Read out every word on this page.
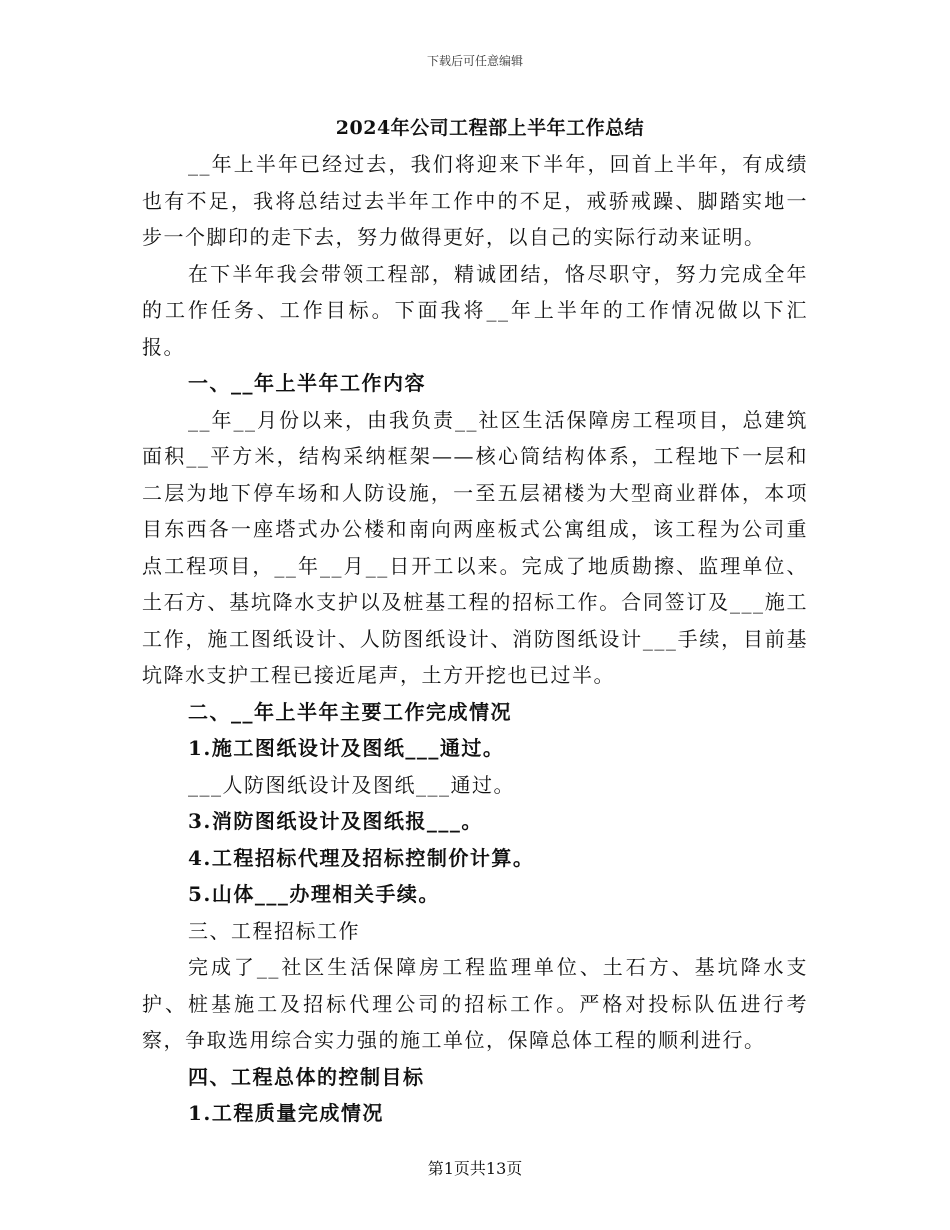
下载后可任意编辑
2024年公司工程部上半年工作总结

__年上半年已经过去，我们将迎来下半年，回首上半年，有成绩也有不足，我将总结过去半年工作中的不足，戒骄戒躁、脚踏实地一步一个脚印的走下去，努力做得更好，以自己的实际行动来证明。

在下半年我会带领工程部，精诚团结，恪尽职守，努力完成全年的工作任务、工作目标。下面我将__年上半年的工作情况做以下汇报。

一、__年上半年工作内容

__年__月份以来，由我负责__社区生活保障房工程项目，总建筑面积__平方米，结构采纳框架——核心筒结构体系，工程地下一层和二层为地下停车场和人防设施，一至五层裙楼为大型商业群体，本项目东西各一座塔式办公楼和南向两座板式公寓组成，该工程为公司重点工程项目，__年__月__日开工以来。完成了地质勘擦、监理单位、土石方、基坑降水支护以及桩基工程的招标工作。合同签订及___施工工作，施工图纸设计、人防图纸设计、消防图纸设计___手续，目前基坑降水支护工程已接近尾声，土方开挖也已过半。

二、__年上半年主要工作完成情况

1.施工图纸设计及图纸___通过。

___人防图纸设计及图纸___通过。

3.消防图纸设计及图纸报___。

4.工程招标代理及招标控制价计算。

5.山体___办理相关手续。

三、工程招标工作

完成了__社区生活保障房工程监理单位、土石方、基坑降水支护、桩基施工及招标代理公司的招标工作。严格对投标队伍进行考察，争取选用综合实力强的施工单位，保障总体工程的顺利进行。

四、工程总体的控制目标

1.工程质量完成情况

第1页共13页
